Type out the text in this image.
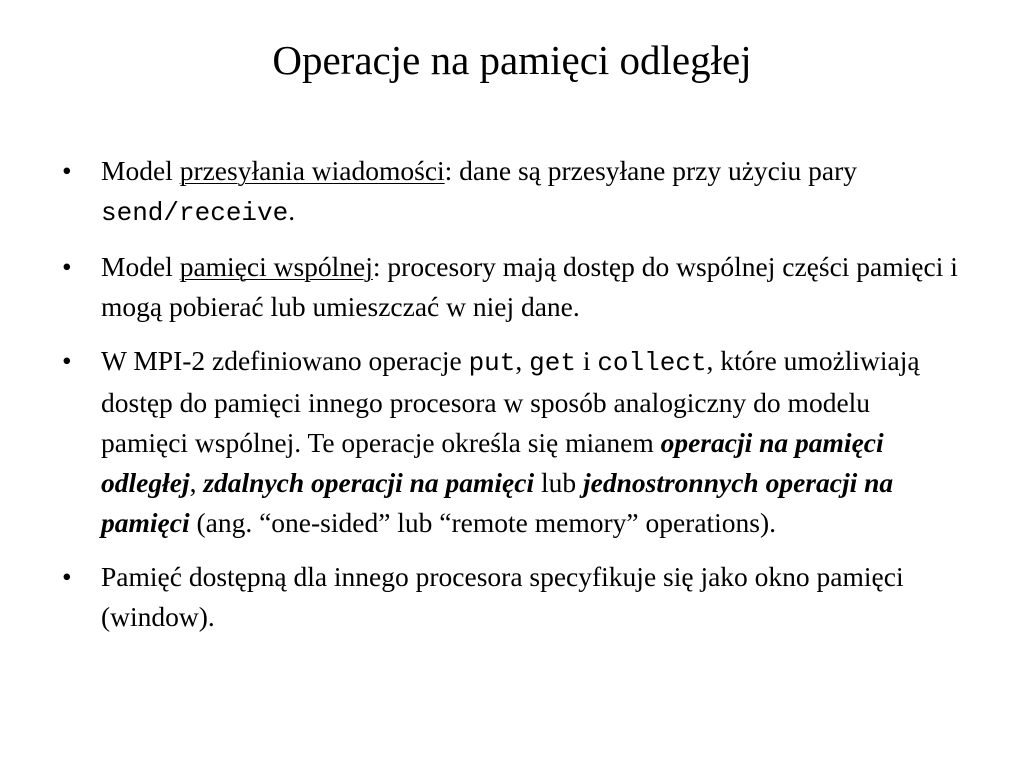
Operacje na pamięci odległej
• Model przesyłania wiadomości: dane są przesyłane przy użyciu pary send/receive.
• Model pamięci wspólnej: procesory mają dostęp do wspólnej części pamięci i mogą pobierać lub umieszczać w niej dane.
• W MPI-2 zdefiniowano operacje put, get i collect, które umożliwiają dostęp do pamięci innego procesora w sposób analogiczny do modelu pamięci wspólnej. Te operacje określa się mianem operacji na pamięci odległej, zdalnych operacji na pamięci lub jednostronnych operacji na pamięci (ang. “one-sided” lub “remote memory” operations).
• Pamięć dostępną dla innego procesora specyfikuje się jako okno pamięci (window).
